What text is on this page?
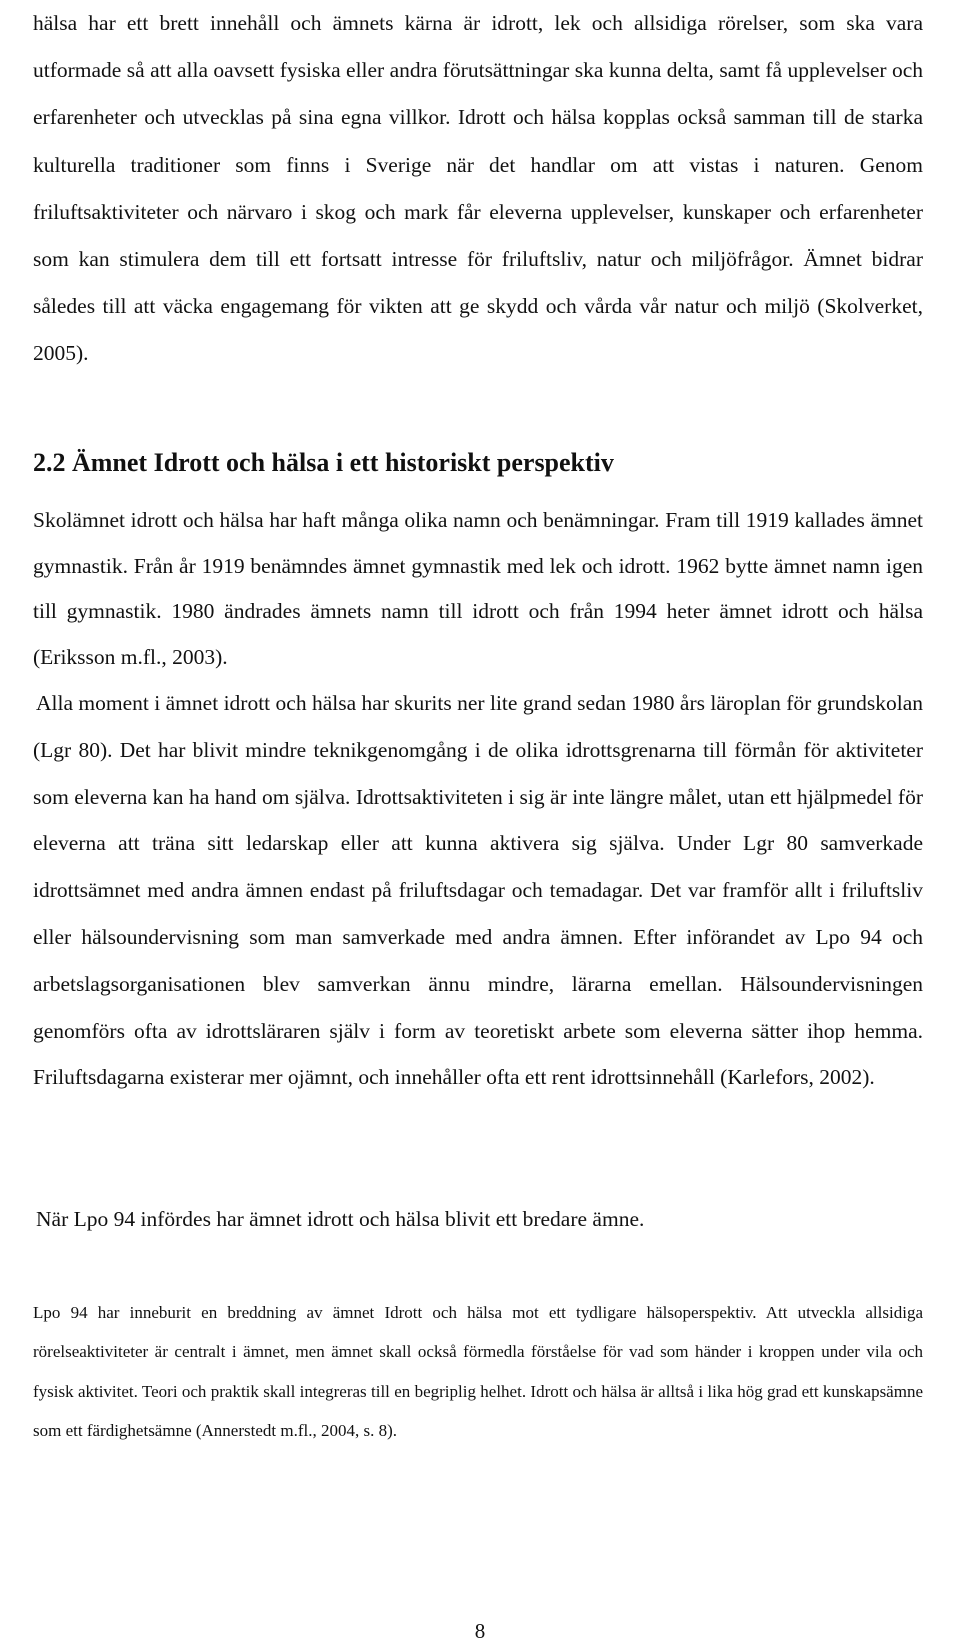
hälsa har ett brett innehåll och ämnets kärna är idrott, lek och allsidiga rörelser, som ska vara utformade så att alla oavsett fysiska eller andra förutsättningar ska kunna delta, samt få upplevelser och erfarenheter och utvecklas på sina egna villkor. Idrott och hälsa kopplas också samman till de starka kulturella traditioner som finns i Sverige när det handlar om att vistas i naturen. Genom friluftsaktiviteter och närvaro i skog och mark får eleverna upplevelser, kunskaper och erfarenheter som kan stimulera dem till ett fortsatt intresse för friluftsliv, natur och miljöfrågor. Ämnet bidrar således till att väcka engagemang för vikten att ge skydd och vårda vår natur och miljö (Skolverket, 2005).

2.2 Ämnet Idrott och hälsa i ett historiskt perspektiv

Skolämnet idrott och hälsa har haft många olika namn och benämningar. Fram till 1919 kallades ämnet gymnastik. Från år 1919 benämndes ämnet gymnastik med lek och idrott. 1962 bytte ämnet namn igen till gymnastik. 1980 ändrades ämnets namn till idrott och från 1994 heter ämnet idrott och hälsa (Eriksson m.fl., 2003).

Alla moment i ämnet idrott och hälsa har skurits ner lite grand sedan 1980 års läroplan för grundskolan (Lgr 80). Det har blivit mindre teknikgenomgång i de olika idrottsgrenarna till förmån för aktiviteter som eleverna kan ha hand om själva. Idrottsaktiviteten i sig är inte längre målet, utan ett hjälpmedel för eleverna att träna sitt ledarskap eller att kunna aktivera sig själva. Under Lgr 80 samverkade idrottsämnet med andra ämnen endast på friluftsdagar och temadagar. Det var framför allt i friluftsliv eller hälsoundervisning som man samverkade med andra ämnen. Efter införandet av Lpo 94 och arbetslagsorganisationen blev samverkan ännu mindre, lärarna emellan. Hälsoundervisningen genomförs ofta av idrottsläraren själv i form av teoretiskt arbete som eleverna sätter ihop hemma. Friluftsdagarna existerar mer ojämnt, och innehåller ofta ett rent idrottsinnehåll (Karlefors, 2002).

När Lpo 94 infördes har ämnet idrott och hälsa blivit ett bredare ämne.

Lpo 94 har inneburit en breddning av ämnet Idrott och hälsa mot ett tydligare hälsoperspektiv. Att utveckla allsidiga rörelseaktiviteter är centralt i ämnet, men ämnet skall också förmedla förståelse för vad som händer i kroppen under vila och fysisk aktivitet. Teori och praktik skall integreras till en begriplig helhet. Idrott och hälsa är alltså i lika hög grad ett kunskapsämne som ett färdighetsämne (Annerstedt m.fl., 2004, s. 8).

8
